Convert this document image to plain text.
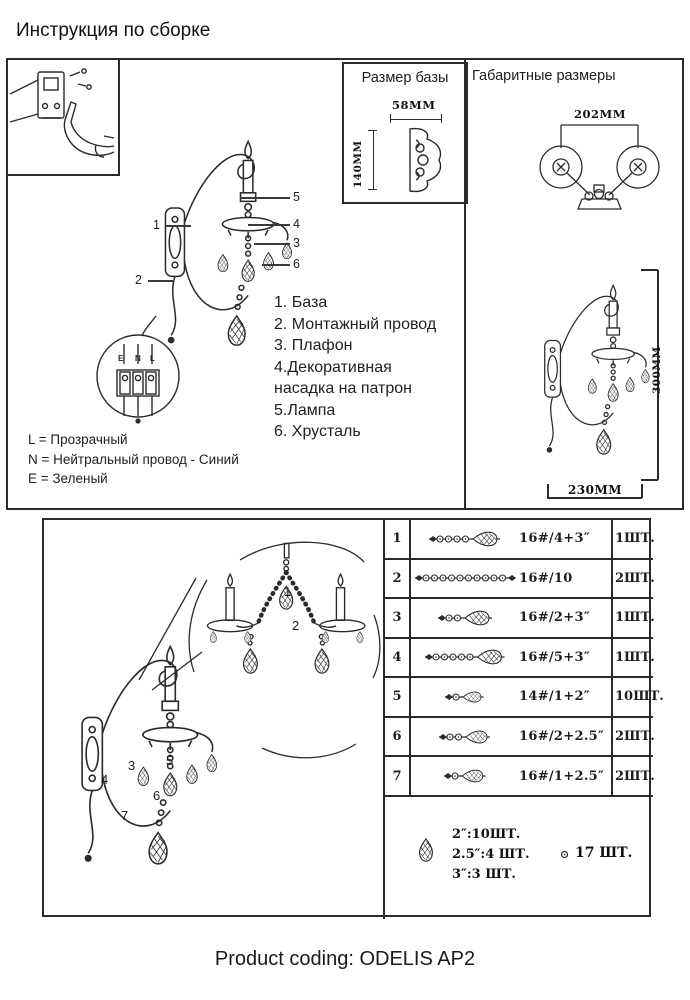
Инструкция по сборке
5
4
3
6
1
2
E N L
1. База
2. Монтажный провод
3. Плафон
4.Декоративная насадка на патрон
5.Лампа
6. Хрусталь
L = Прозрачный
N = Нейтральный провод - Синий
E = Зеленый
Размер базы
58MM
140MM
Габаритные размеры
202MM
300MM
230MM
1
2
3
4
5
6
7
1	16#/4+3″	1ШТ.
2	16#/10	2ШТ.
3	16#/2+3″	1ШТ.
4	16#/5+3″	1ШТ.
5	14#/1+2″	10ШТ.
6	16#/2+2.5″ 2ШТ.
7	16#/1+2.5″ 2ШТ.
2″:10ШТ.
2.5″:4 ШТ.
3″:3 ШТ.
17 ШТ.
Product coding: ODELIS AP2
